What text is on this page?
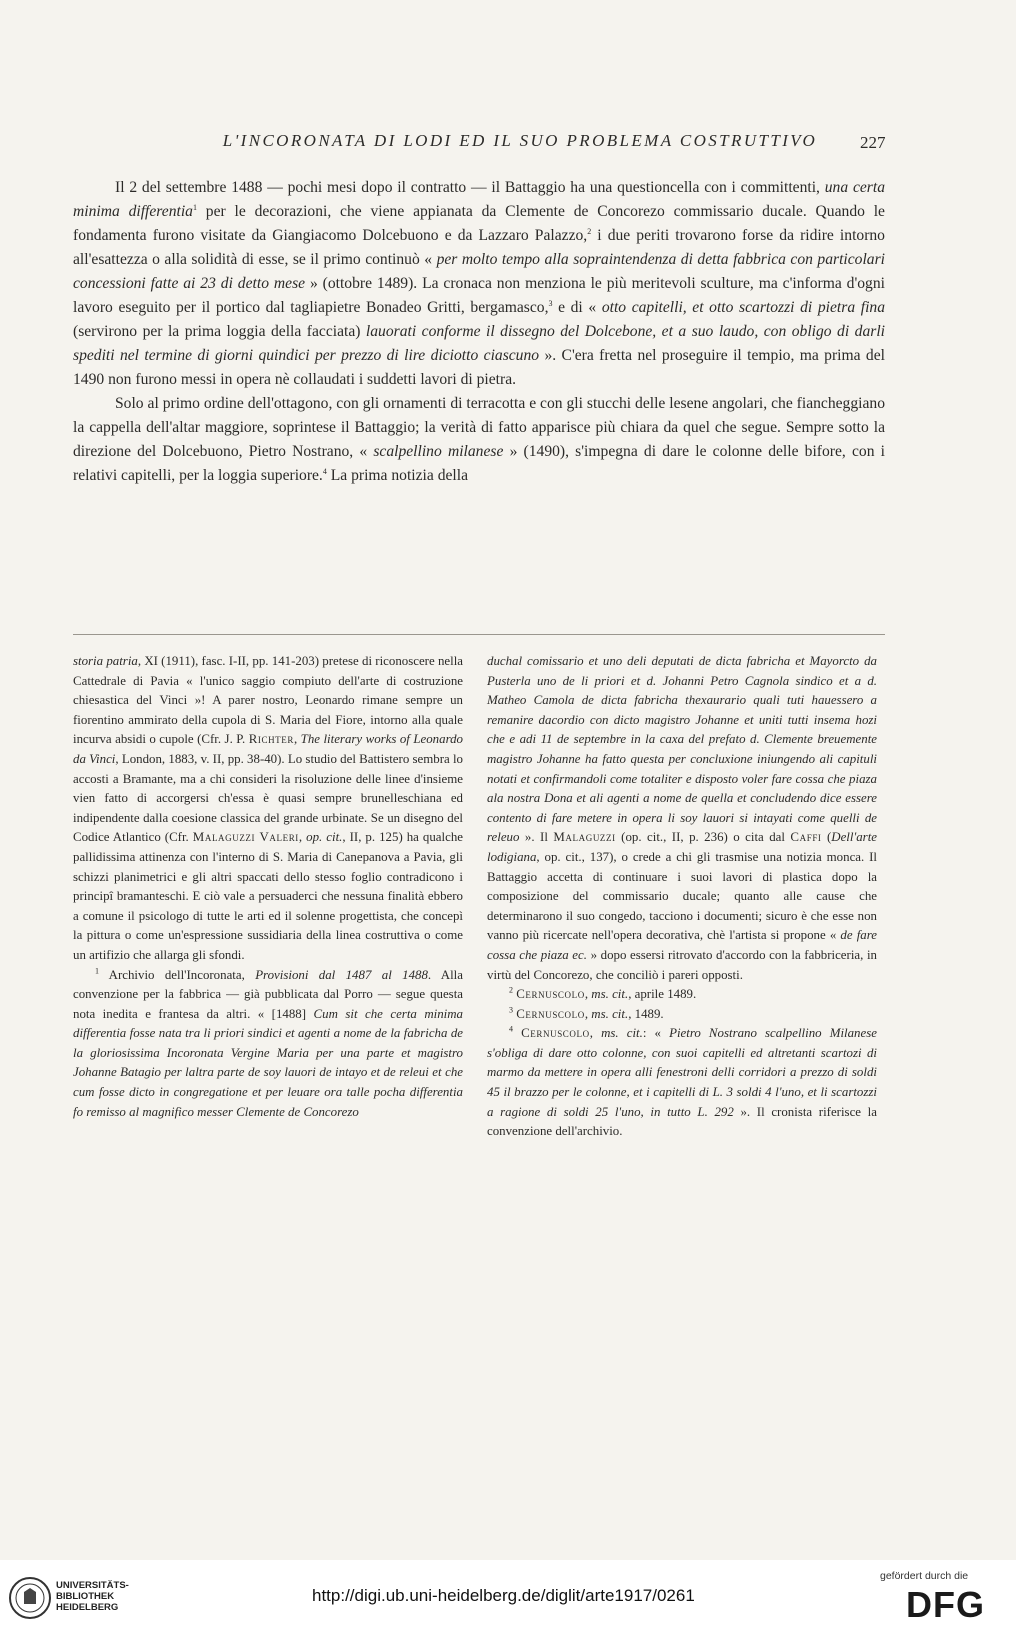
L'INCORONATA DI LODI ED IL SUO PROBLEMA COSTRUTTIVO	227

Il 2 del settembre 1488 — pochi mesi dopo il contratto — il Battaggio ha una questioncella con i committenti, una certa minima differentia$^1$ per le decorazioni, che viene appianata da Clemente de Concorezo commissario ducale. Quando le fondamenta furono visitate da Giangiacomo Dolcebuono e da Lazzaro Palazzo,$^2$ i due periti trovarono forse da ridire intorno all'esattezza o alla solidità di esse, se il primo continuò « per molto tempo alla sopraintendenza di detta fabbrica con particolari concessioni fatte ai 23 di detto mese » (ottobre 1489). La cronaca non menziona le più meritevoli sculture, ma c'informa d'ogni lavoro eseguito per il portico dal tagliapietre Bonadeo Gritti, bergamasco,$^3$ e di « otto capitelli, et otto scartozzi di pietra fina (servirono per la prima loggia della facciata) lauorati conforme il dissegno del Dolcebone, et a suo laudo, con obligo di darli spediti nel termine di giorni quindici per prezzo di lire diciotto ciascuno ». C'era fretta nel proseguire il tempio, ma prima del 1490 non furono messi in opera nè collaudati i suddetti lavori di pietra.

Solo al primo ordine dell'ottagono, con gli ornamenti di terracotta e con gli stucchi delle lesene angolari, che fiancheggiano la cappella dell'altar maggiore, soprintese il Battaggio; la verità di fatto apparisce più chiara da quel che segue. Sempre sotto la direzione del Dolcebuono, Pietro Nostrano, « scalpellino milanese » (1490), s'impegna di dare le colonne delle bifore, con i relativi capitelli, per la loggia superiore.$^4$ La prima notizia della

storia patria, XI (1911), fasc. I-II, pp. 141-203) pretese di riconoscere nella Cattedrale di Pavia « l'unico saggio compiuto dell'arte di costruzione chiesastica del Vinci »! A parer nostro, Leonardo rimane sempre un fiorentino ammirato della cupola di S. Maria del Fiore, intorno alla quale incurva absidi o cupole (Cfr. J. P. Richter, The literary works of Leonardo da Vinci, London, 1883, v. II, pp. 38-40). Lo studio del Battistero sembra lo accosti a Bramante, ma a chi consideri la risoluzione delle linee d'insieme vien fatto di accorgersi ch'essa è quasi sempre brunelleschiana ed indipendente dalla coesione classica del grande urbinate. Se un disegno del Codice Atlantico (Cfr. Malaguzzi Valeri, op. cit., II, p. 125) ha qualche pallidissima attinenza con l'interno di S. Maria di Canepanova a Pavia, gli schizzi planimetrici e gli altri spaccati dello stesso foglio contradicono i principî bramanteschi. E ciò vale a persuaderci che nessuna finalità ebbero a comune il psicologo di tutte le arti ed il solenne progettista, che concepì la pittura o come un'espressione sussidiaria della linea costruttiva o come un artifizio che allarga gli sfondi.

$^1$ Archivio dell'Incoronata, Provisioni dal 1487 al 1488. Alla convenzione per la fabbrica — già pubblicata dal Porro — segue questa nota inedita e frantesa da altri. « [1488] Cum sit che certa minima differentia fosse nata tra li priori sindici et agenti a nome de la fabricha de la gloriosissima Incoronata Vergine Maria per una parte et magistro Johanne Batagio per laltra parte de soy lauori de intayo et de releui et che cum fosse dicto in congregatione et per leuare ora talle pocha differentia fo remisso al magnifico messer Clemente de Concorezo

duchal comissario et uno deli deputati de dicta fabricha et Mayorcto da Pusterla uno de li priori et d. Johanni Petro Cagnola sindico et a d. Matheo Camola de dicta fabricha thexaurario quali tuti hauessero a remanire dacordio con dicto magistro Johanne et uniti tutti insema hozi che e adi 11 de septembre in la caxa del prefato d. Clemente breuemente magistro Johanne ha fatto questa per concluxione iniungendo ali capituli notati et confirmandoli come totaliter e disposto voler fare cossa che piaza ala nostra Dona et ali agenti a nome de quella et concludendo dice essere contento di fare metere in opera li soy lauori si intayati come quelli de releuo ». Il Malaguzzi (op. cit., II, p. 236) o cita dal Caffi (Dell'arte lodigiana, op. cit., 137), o crede a chi gli trasmise una notizia monca. Il Battaggio accetta di continuare i suoi lavori di plastica dopo la composizione del commissario ducale; quanto alle cause che determinarono il suo congedo, tacciono i documenti; sicuro è che esse non vanno più ricercate nell'opera decorativa, chè l'artista si propone « de fare cossa che piaza ec. » dopo essersi ritrovato d'accordo con la fabbriceria, in virtù del Concorezo, che conciliò i pareri opposti.

$^2$ Cernuscolo, ms. cit., aprile 1489.

$^3$ Cernuscolo, ms. cit., 1489.

$^4$ Cernuscolo, ms. cit.: « Pietro Nostrano scalpellino Milanese s'obliga di dare otto colonne, con suoi capitelli ed altretanti scartozi di marmo da mettere in opera alli fenestroni delli corridori a prezzo di soldi 45 il brazzo per le colonne, et i capitelli di L. 3 soldi 4 l'uno, et li scartozzi a ragione di soldi 25 l'uno, in tutto L. 292 ». Il cronista riferisce la convenzione dell'archivio.

UNIVERSITÄTS-
BIBLIOTHEK
HEIDELBERG
http://digi.ub.uni-heidelberg.de/diglit/arte1917/0261
gefördert durch die
DFG
